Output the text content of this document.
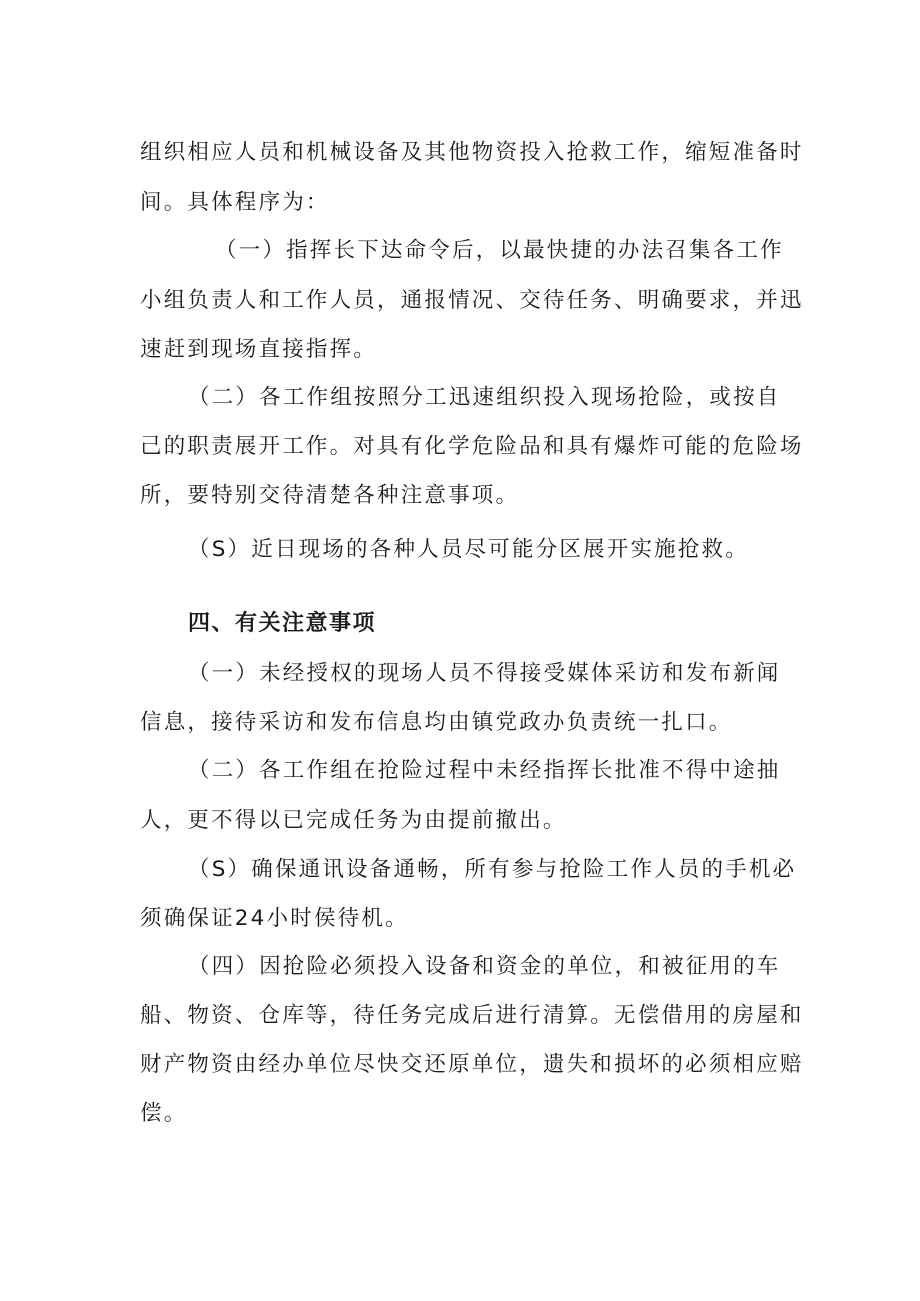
组织相应人员和机械设备及其他物资投入抢救工作，缩短准备时
间。具体程序为：
（一）指挥长下达命令后，以最快捷的办法召集各工作
小组负责人和工作人员，通报情况、交待任务、明确要求，并迅
速赶到现场直接指挥。
（二）各工作组按照分工迅速组织投入现场抢险，或按自
己的职责展开工作。对具有化学危险品和具有爆炸可能的危险场
所，要特别交待清楚各种注意事项。
（S）近日现场的各种人员尽可能分区展开实施抢救。
四、有关注意事项
（一）未经授权的现场人员不得接受媒体采访和发布新闻
信息，接待采访和发布信息均由镇党政办负责统一扎口。
（二）各工作组在抢险过程中未经指挥长批准不得中途抽
人，更不得以已完成任务为由提前撤出。
（S）确保通讯设备通畅，所有参与抢险工作人员的手机必
须确保证24小时侯待机。
（四）因抢险必须投入设备和资金的单位，和被征用的车
船、物资、仓库等，待任务完成后进行清算。无偿借用的房屋和
财产物资由经办单位尽快交还原单位，遗失和损坏的必须相应赔
偿。
